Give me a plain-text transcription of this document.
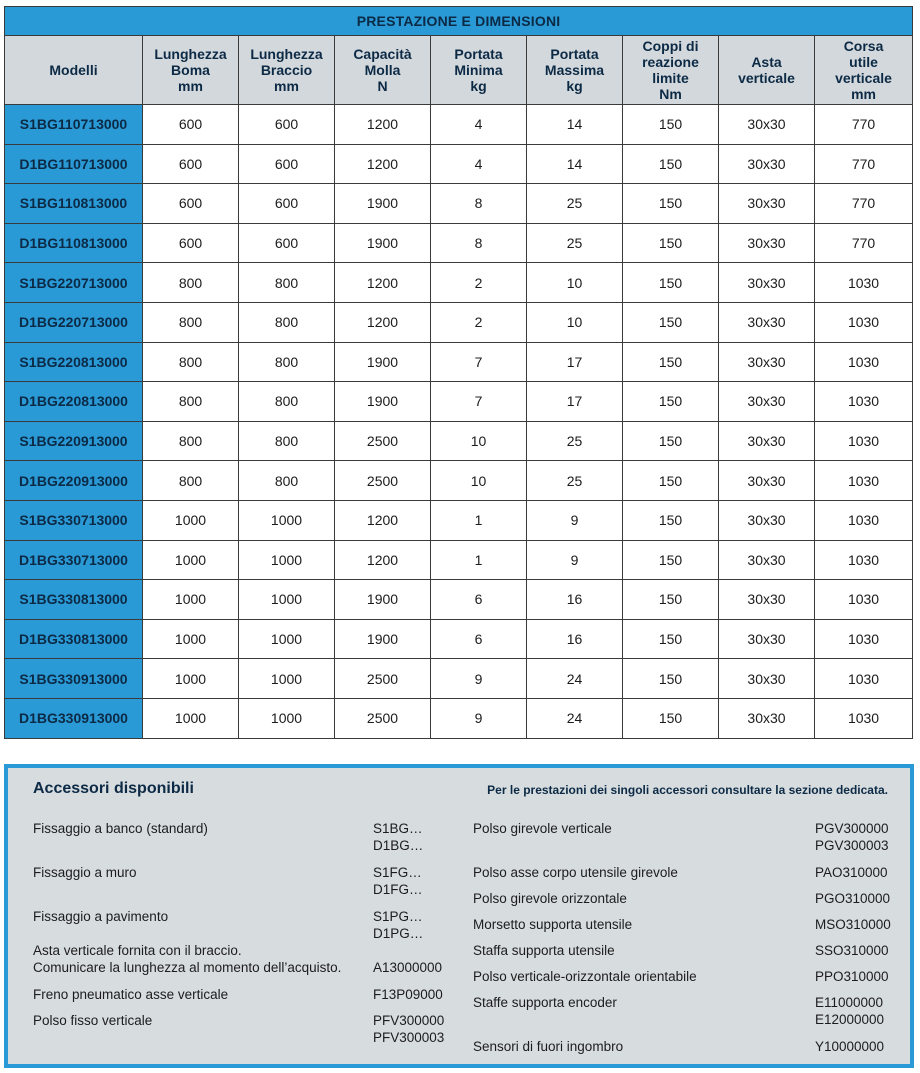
PRESTAZIONE E DIMENSIONI								
Modelli	Lunghezza
Boma
mm	Lunghezza
Braccio
mm	Capacità
Molla
N	Portata
Minima
kg	Portata
Massima
kg	Coppi di
reazione
limite
Nm	Asta
verticale	Corsa
utile
verticale
mm
S1BG110713000	600	600	1200	4	14	150	30x30	770
D1BG110713000	600	600	1200	4	14	150	30x30	770
S1BG110813000	600	600	1900	8	25	150	30x30	770
D1BG110813000	600	600	1900	8	25	150	30x30	770
S1BG220713000	800	800	1200	2	10	150	30x30	1030
D1BG220713000	800	800	1200	2	10	150	30x30	1030
S1BG220813000	800	800	1900	7	17	150	30x30	1030
D1BG220813000	800	800	1900	7	17	150	30x30	1030
S1BG220913000	800	800	2500	10	25	150	30x30	1030
D1BG220913000	800	800	2500	10	25	150	30x30	1030
S1BG330713000	1000	1000	1200	1	9	150	30x30	1030
D1BG330713000	1000	1000	1200	1	9	150	30x30	1030
S1BG330813000	1000	1000	1900	6	16	150	30x30	1030
D1BG330813000	1000	1000	1900	6	16	150	30x30	1030
S1BG330913000	1000	1000	2500	9	24	150	30x30	1030
D1BG330913000	1000	1000	2500	9	24	150	30x30	1030
Accessori disponibili	Per le prestazioni dei singoli accessori consultare la sezione dedicata.
Fissaggio a banco (standard)	S1BG…
D1BG…
Fissaggio a muro	S1FG…
D1FG…
Fissaggio a pavimento	S1PG…
D1PG…
Asta verticale fornita con il braccio.
Comunicare la lunghezza al momento dell’acquisto.
A13000000
Freno pneumatico asse verticale	F13P09000
Polso fisso verticale	PFV300000
PFV300003
Polso girevole verticale	PGV300000
PGV300003
Polso asse corpo utensile girevole	PAO310000
Polso girevole orizzontale	PGO310000
Morsetto supporta utensile	MSO310000
Staffa supporta utensile	SSO310000
Polso verticale-orizzontale orientabile	PPO310000
Staffe supporta encoder	E11000000
E12000000
Sensori di fuori ingombro	Y10000000
